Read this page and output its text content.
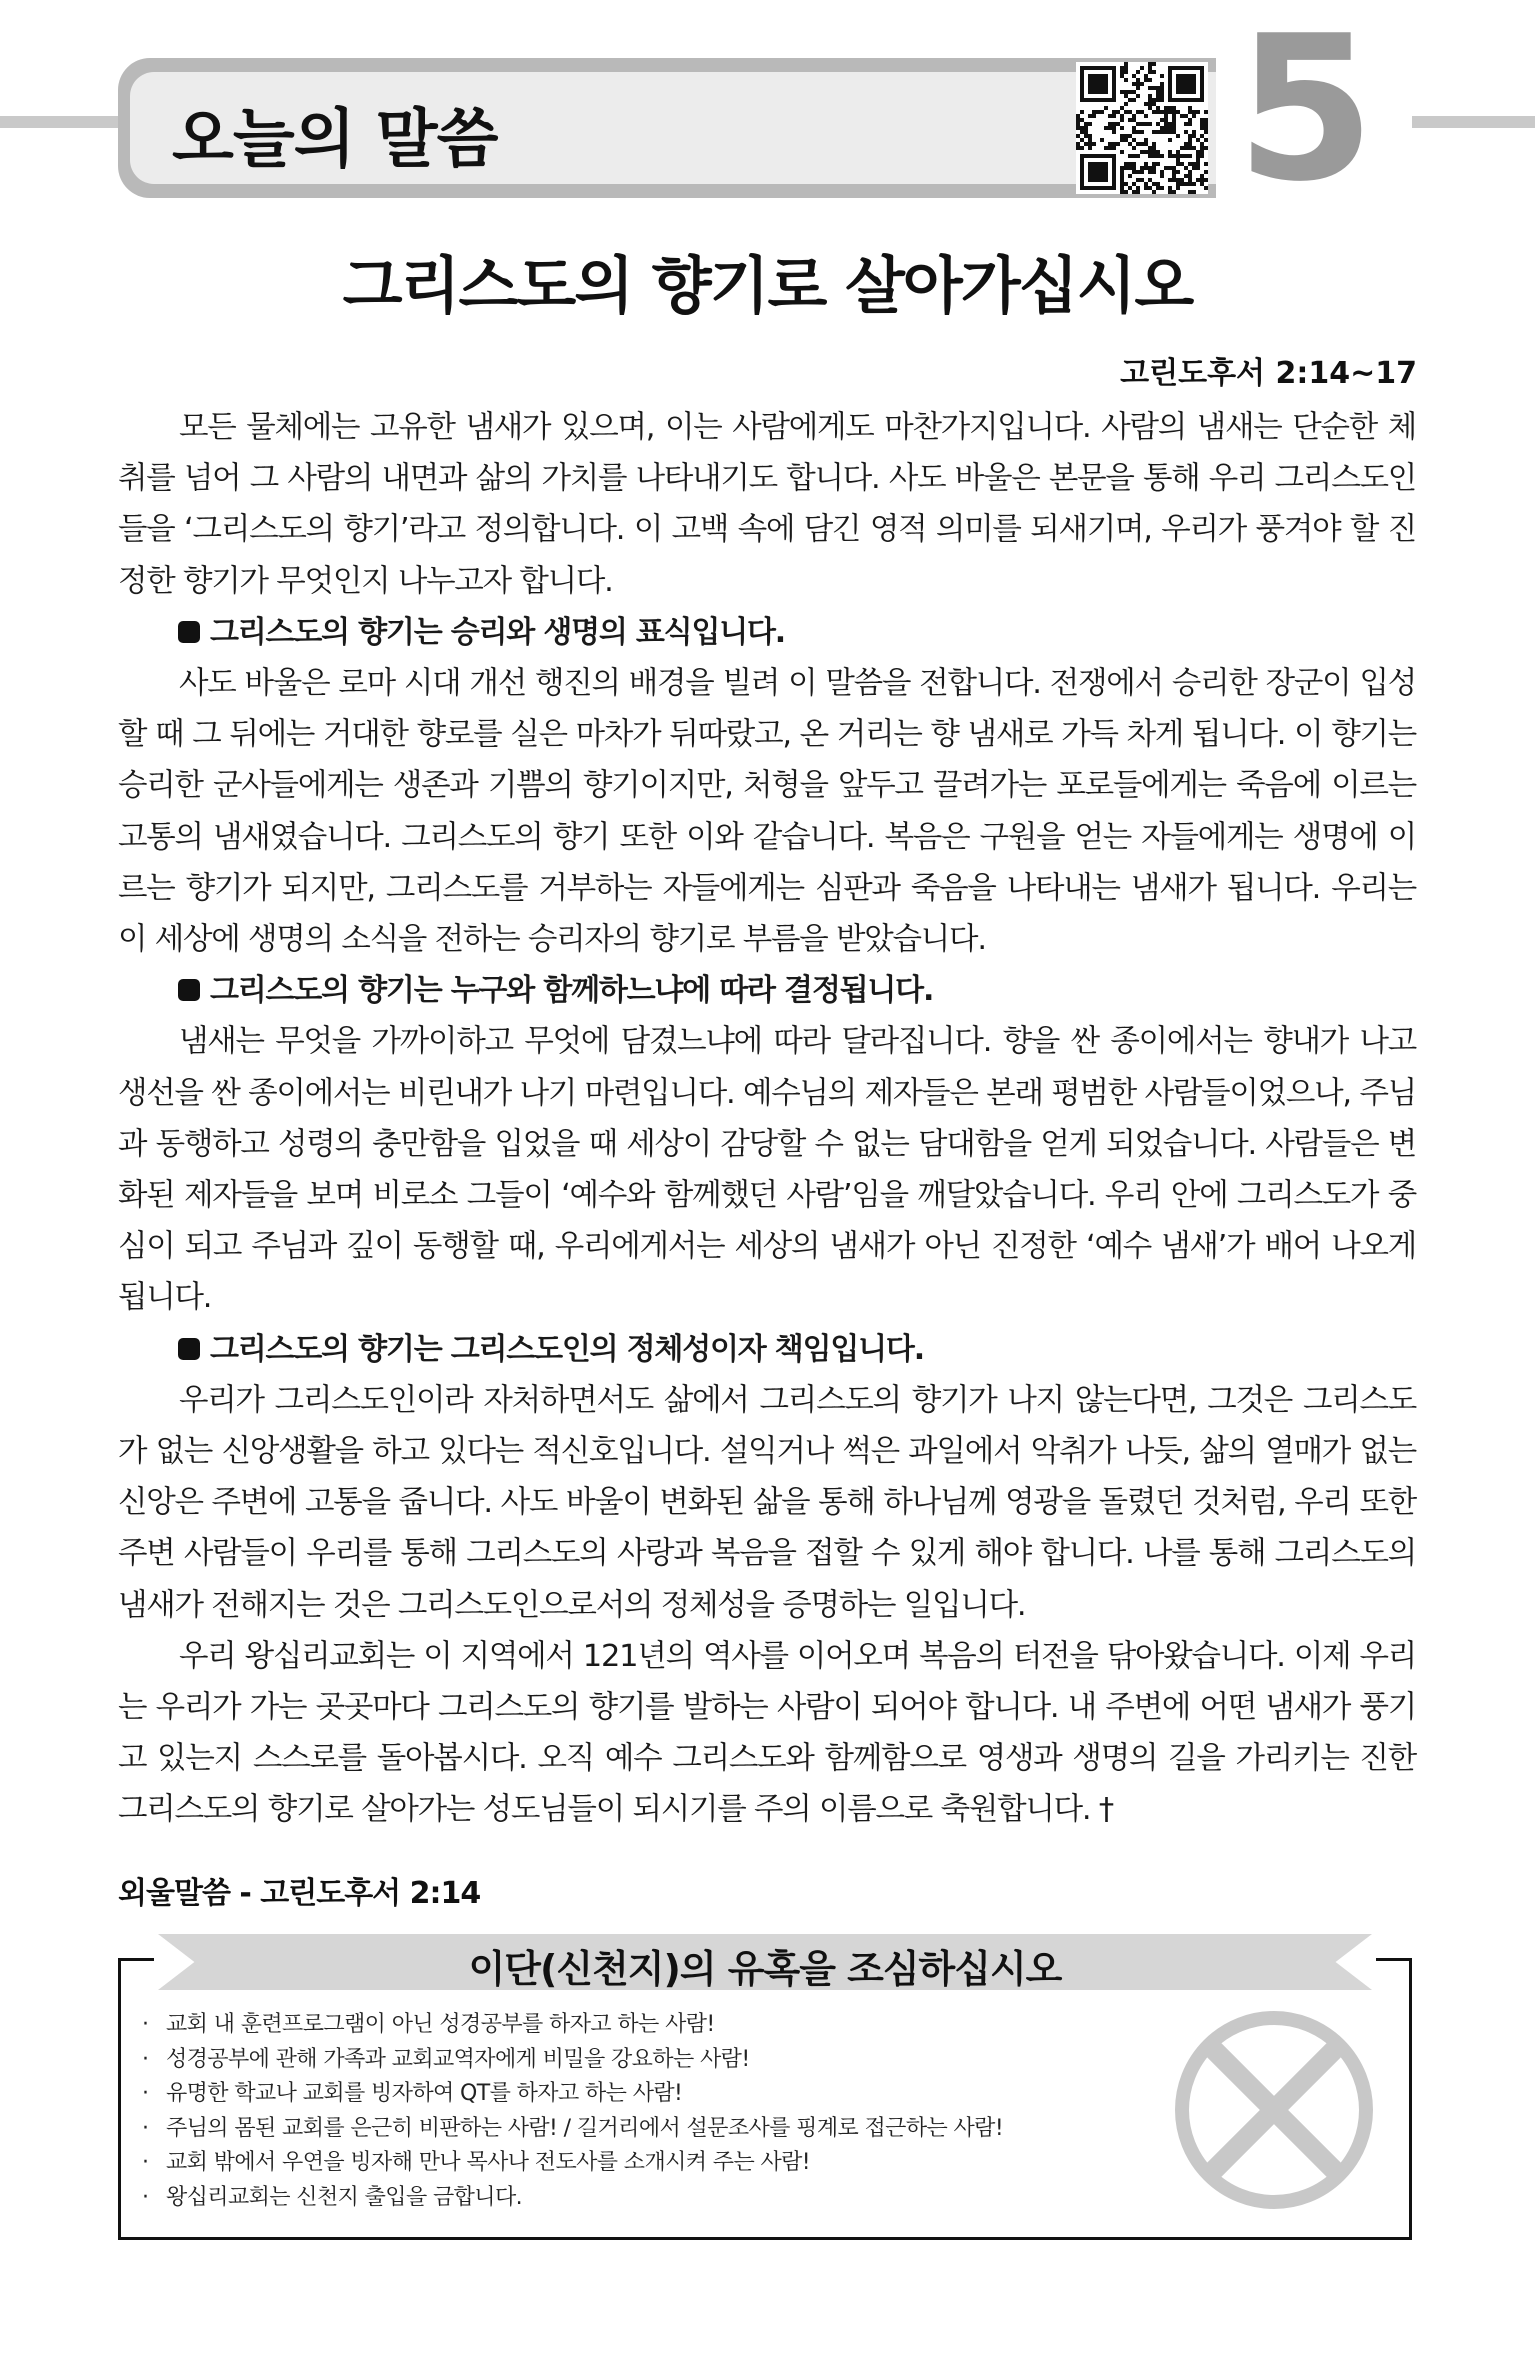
오늘의 말씀	5
그리스도의 향기로 살아가십시오
고린도후서 2:14~17

모든 물체에는 고유한 냄새가 있으며, 이는 사람에게도 마찬가지입니다. 사람의 냄새는 단순한 체취를 넘어 그 사람의 내면과 삶의 가치를 나타내기도 합니다. 사도 바울은 본문을 통해 우리 그리스도인들을 ‘그리스도의 향기’라고 정의합니다. 이 고백 속에 담긴 영적 의미를 되새기며, 우리가 풍겨야 할 진정한 향기가 무엇인지 나누고자 합니다.

그리스도의 향기는 승리와 생명의 표식입니다.

사도 바울은 로마 시대 개선 행진의 배경을 빌려 이 말씀을 전합니다. 전쟁에서 승리한 장군이 입성할 때 그 뒤에는 거대한 향로를 실은 마차가 뒤따랐고, 온 거리는 향 냄새로 가득 차게 됩니다. 이 향기는 승리한 군사들에게는 생존과 기쁨의 향기이지만, 처형을 앞두고 끌려가는 포로들에게는 죽음에 이르는 고통의 냄새였습니다. 그리스도의 향기 또한 이와 같습니다. 복음은 구원을 얻는 자들에게는 생명에 이르는 향기가 되지만, 그리스도를 거부하는 자들에게는 심판과 죽음을 나타내는 냄새가 됩니다. 우리는 이 세상에 생명의 소식을 전하는 승리자의 향기로 부름을 받았습니다.

그리스도의 향기는 누구와 함께하느냐에 따라 결정됩니다.

냄새는 무엇을 가까이하고 무엇에 담겼느냐에 따라 달라집니다. 향을 싼 종이에서는 향내가 나고 생선을 싼 종이에서는 비린내가 나기 마련입니다. 예수님의 제자들은 본래 평범한 사람들이었으나, 주님과 동행하고 성령의 충만함을 입었을 때 세상이 감당할 수 없는 담대함을 얻게 되었습니다. 사람들은 변화된 제자들을 보며 비로소 그들이 ‘예수와 함께했던 사람’임을 깨달았습니다. 우리 안에 그리스도가 중심이 되고 주님과 깊이 동행할 때, 우리에게서는 세상의 냄새가 아닌 진정한 ‘예수 냄새’가 배어 나오게 됩니다.

그리스도의 향기는 그리스도인의 정체성이자 책임입니다.

우리가 그리스도인이라 자처하면서도 삶에서 그리스도의 향기가 나지 않는다면, 그것은 그리스도가 없는 신앙생활을 하고 있다는 적신호입니다. 설익거나 썩은 과일에서 악취가 나듯, 삶의 열매가 없는 신앙은 주변에 고통을 줍니다. 사도 바울이 변화된 삶을 통해 하나님께 영광을 돌렸던 것처럼, 우리 또한 주변 사람들이 우리를 통해 그리스도의 사랑과 복음을 접할 수 있게 해야 합니다. 나를 통해 그리스도의 냄새가 전해지는 것은 그리스도인으로서의 정체성을 증명하는 일입니다.

우리 왕십리교회는 이 지역에서 121년의 역사를 이어오며 복음의 터전을 닦아왔습니다. 이제 우리는 우리가 가는 곳곳마다 그리스도의 향기를 발하는 사람이 되어야 합니다. 내 주변에 어떤 냄새가 풍기고 있는지 스스로를 돌아봅시다. 오직 예수 그리스도와 함께함으로 영생과 생명의 길을 가리키는 진한 그리스도의 향기로 살아가는 성도님들이 되시기를 주의 이름으로 축원합니다. †

외울말씀 - 고린도후서 2:14
이단(신천지)의 유혹을 조심하십시오
· 교회 내 훈련프로그램이 아닌 성경공부를 하자고 하는 사람!
· 성경공부에 관해 가족과 교회교역자에게 비밀을 강요하는 사람!
· 유명한 학교나 교회를 빙자하여 QT를 하자고 하는 사람!
· 주님의 몸된 교회를 은근히 비판하는 사람! / 길거리에서 설문조사를 핑계로 접근하는 사람!
· 교회 밖에서 우연을 빙자해 만나 목사나 전도사를 소개시켜 주는 사람!
· 왕십리교회는 신천지 출입을 금합니다.
